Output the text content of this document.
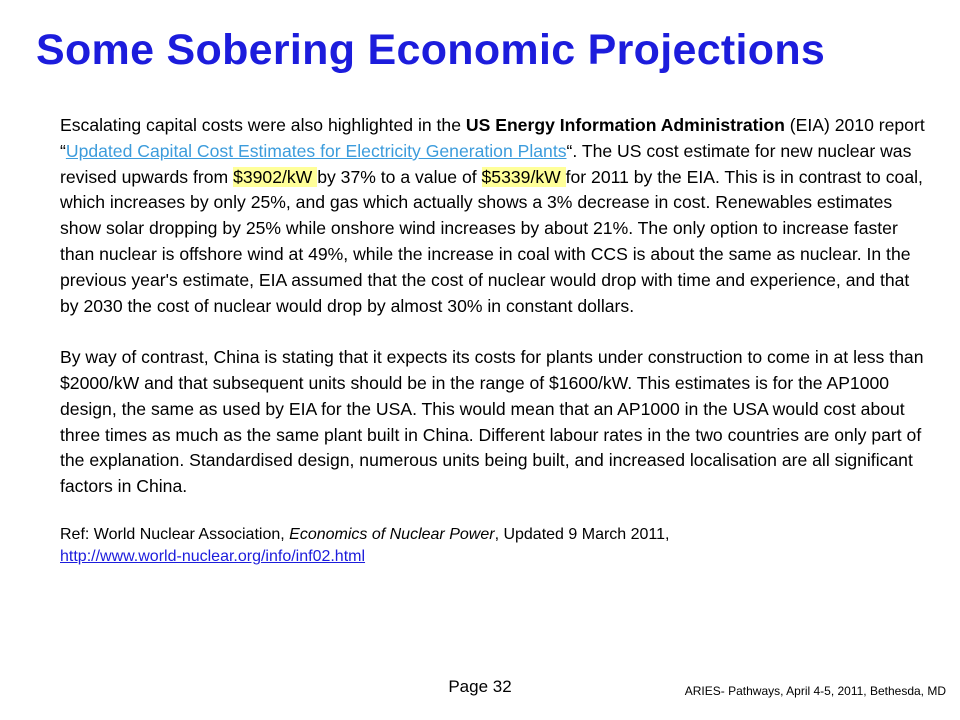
Some Sobering Economic Projections

Escalating capital costs were also highlighted in the US Energy Information Administration (EIA) 2010 report “Updated Capital Cost Estimates for Electricity Generation Plants“. The US cost estimate for new nuclear was revised upwards from $3902/kW by 37% to a value of $5339/kW for 2011 by the EIA. This is in contrast to coal, which increases by only 25%, and gas which actually shows a 3% decrease in cost. Renewables estimates show solar dropping by 25% while onshore wind increases by about 21%. The only option to increase faster than nuclear is offshore wind at 49%, while the increase in coal with CCS is about the same as nuclear. In the previous year's estimate, EIA assumed that the cost of nuclear would drop with time and experience, and that by 2030 the cost of nuclear would drop by almost 30% in constant dollars.

By way of contrast, China is stating that it expects its costs for plants under construction to come in at less than $2000/kW and that subsequent units should be in the range of $1600/kW. This estimates is for the AP1000 design, the same as used by EIA for the USA. This would mean that an AP1000 in the USA would cost about three times as much as the same plant built in China. Different labour rates in the two countries are only part of the explanation. Standardised design, numerous units being built, and increased localisation are all significant factors in China.

Ref: World Nuclear Association, Economics of Nuclear Power, Updated 9 March 2011,
http://www.world-nuclear.org/info/inf02.html

Page 32	ARIES- Pathways, April 4-5, 2011, Bethesda, MD
